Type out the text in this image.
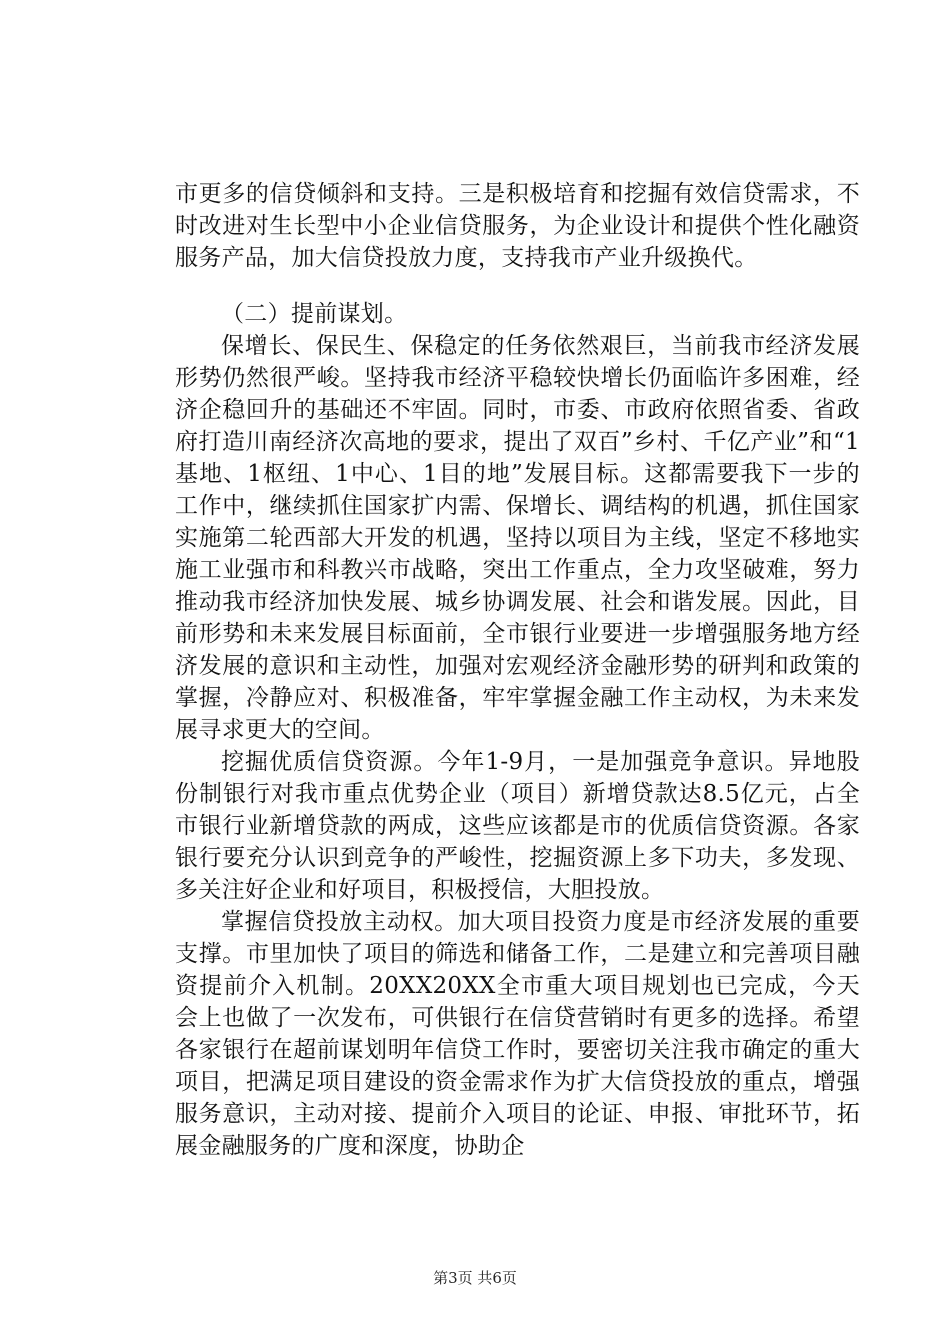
市更多的信贷倾斜和支持。三是积极培育和挖掘有效信贷需求，不时改进对生长型中小企业信贷服务，为企业设计和提供个性化融资服务产品，加大信贷投放力度，支持我市产业升级换代。

（二）提前谋划。

保增长、保民生、保稳定的任务依然艰巨，当前我市经济发展形势仍然很严峻。坚持我市经济平稳较快增长仍面临许多困难，经济企稳回升的基础还不牢固。同时，市委、市政府依照省委、省政府打造川南经济次高地的要求，提出了双百”乡村、千亿产业”和“1基地、1枢纽、1中心、1目的地”发展目标。这都需要我下一步的工作中，继续抓住国家扩内需、保增长、调结构的机遇，抓住国家实施第二轮西部大开发的机遇，坚持以项目为主线，坚定不移地实施工业强市和科教兴市战略，突出工作重点，全力攻坚破难，努力推动我市经济加快发展、城乡协调发展、社会和谐发展。因此，目前形势和未来发展目标面前，全市银行业要进一步增强服务地方经济发展的意识和主动性，加强对宏观经济金融形势的研判和政策的掌握，冷静应对、积极准备，牢牢掌握金融工作主动权，为未来发展寻求更大的空间。

挖掘优质信贷资源。今年1-9月，一是加强竞争意识。异地股份制银行对我市重点优势企业（项目）新增贷款达8.5亿元，占全市银行业新增贷款的两成，这些应该都是市的优质信贷资源。各家银行要充分认识到竞争的严峻性，挖掘资源上多下功夫，多发现、多关注好企业和好项目，积极授信，大胆投放。

掌握信贷投放主动权。加大项目投资力度是市经济发展的重要支撑。市里加快了项目的筛选和储备工作，二是建立和完善项目融资提前介入机制。20XX20XX全市重大项目规划也已完成，今天会上也做了一次发布，可供银行在信贷营销时有更多的选择。希望各家银行在超前谋划明年信贷工作时，要密切关注我市确定的重大项目，把满足项目建设的资金需求作为扩大信贷投放的重点，增强服务意识，主动对接、提前介入项目的论证、申报、审批环节，拓展金融服务的广度和深度，协助企

第3页 共6页
